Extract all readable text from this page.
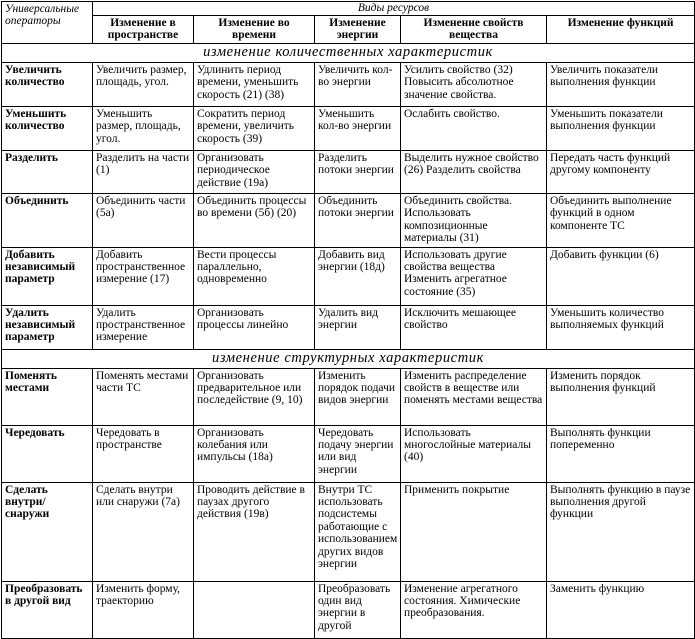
Универсальные операторы	Виды ресурсов				
	Изменение в пространстве	Изменение во времени	Изменение энергии	Изменение свойств вещества	Изменение функций
изменение количественных характеристик					
Увеличить количество	Увеличить размер, площадь, угол.	Удлинить период времени, уменьшить скорость (21) (38)	Увеличить кол-во энергии	Усилить свойство (32) Повысить абсолютное значение свойства.	Увеличить показатели выполнения функции
Уменьшить количество	Уменьшить размер, площадь, угол.	Сократить период времени, увеличить скорость (39)	Уменьшить кол-во энергии	Ослабить свойство.	Уменьшить показатели выполнения функции
Разделить	Разделить на части (1)	Организовать периодическое действие (19а)	Разделить потоки энергии	Выделить нужное свойство (26) Разделить свойства	Передать часть функций другому компоненту
Объединить	Объединить части (5а)	Объединить процессы во времени (5б) (20)	Объединить потоки энергии	Объединить свойства. Использовать композиционные материалы (31)	Объединить выполнение функций в одном компоненте ТС
Добавить независимый параметр	Добавить пространственное измерение (17)	Вести процессы параллельно, одновременно	Добавить вид энергии (18д)	Использовать другие свойства вещества Изменить агрегатное состояние (35)	Добавить функции (6)
Удалить независимый параметр	Удалить пространственное измерение	Организовать процессы линейно	Удалить вид энергии	Исключить мешающее свойство	Уменьшить количество выполняемых функций
изменение структурных характеристик					
Поменять местами	Поменять местами части ТС	Организовать предварительное или последействие (9, 10)	Изменить порядок подачи видов энергии	Изменить распределение свойств в веществе или поменять местами вещества	Изменить порядок выполнения функций
Чередовать	Чередовать в пространстве	Организовать колебания или импульсы (18а)	Чередовать подачу энергии или вид энергии	Использовать многослойные материалы (40)	Выполнять функции попеременно
Сделать внутри/снаружи	Сделать внутри или снаружи (7а)	Проводить действие в паузах другого действия (19в)	Внутри ТС использовать подсистемы работающие с использованием других видов энергии	Применить покрытие	Выполнять функцию в паузе выполнения другой функции
Преобразовать в другой вид	Изменить форму, траекторию		Преобразовать один вид энергии в другой	Изменение агрегатного состояния. Химические преобразования.	Заменить функцию
